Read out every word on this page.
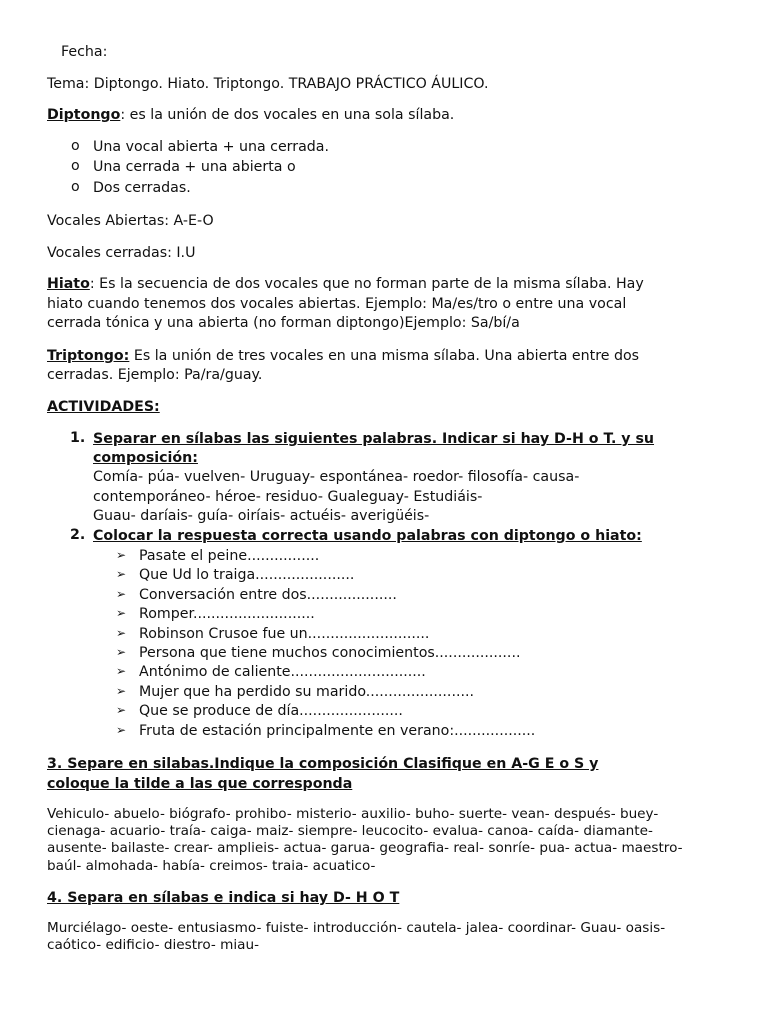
Fecha:
Tema: Diptongo. Hiato. Triptongo. TRABAJO PRÁCTICO ÁULICO.
Diptongo: es la unión de dos vocales en una sola sílaba.
o Una vocal abierta + una cerrada.
o Una cerrada + una abierta o
o Dos cerradas.
Vocales Abiertas: A-E-O
Vocales cerradas: I.U
Hiato: Es la secuencia de dos vocales que no forman parte de la misma sílaba. Hay
hiato cuando tenemos dos vocales abiertas. Ejemplo: Ma/es/tro o entre una vocal
cerrada tónica y una abierta (no forman diptongo)Ejemplo: Sa/bí/a
Triptongo: Es la unión de tres vocales en una misma sílaba. Una abierta entre dos
cerradas. Ejemplo: Pa/ra/guay.
ACTIVIDADES:
1. Separar en sílabas las siguientes palabras. Indicar si hay D-H o T. y su
composición:
Comía- púa- vuelven- Uruguay- espontánea- roedor- filosofía- causa-
contemporáneo- héroe- residuo- Gualeguay- Estudiáis-
Guau- daríais- guía- oiríais- actuéis- averigüéis-
2. Colocar la respuesta correcta usando palabras con diptongo o hiato:
➢ Pasate el peine................
➢ Que Ud lo traiga......................
➢ Conversación entre dos....................
➢ Romper...........................
➢ Robinson Crusoe fue un...........................
➢ Persona que tiene muchos conocimientos...................
➢ Antónimo de caliente..............................
➢ Mujer que ha perdido su marido........................
➢ Que se produce de día.......................
➢ Fruta de estación principalmente en verano:..................
3. Separe en silabas.Indique la composición Clasifique en A-G E o S y
coloque la tilde a las que corresponda
Vehiculo- abuelo- biógrafo- prohibo- misterio- auxilio- buho- suerte- vean- después- buey-
cienaga- acuario- traía- caiga- maiz- siempre- leucocito- evalua- canoa- caída- diamante-
ausente- bailaste- crear- amplieis- actua- garua- geografia- real- sonríe- pua- actua- maestro-
baúl- almohada- había- creimos- traia- acuatico-
4. Separa en sílabas e indica si hay D- H O T
Murciélago- oeste- entusiasmo- fuiste- introducción- cautela- jalea- coordinar- Guau- oasis-
caótico- edificio- diestro- miau-
